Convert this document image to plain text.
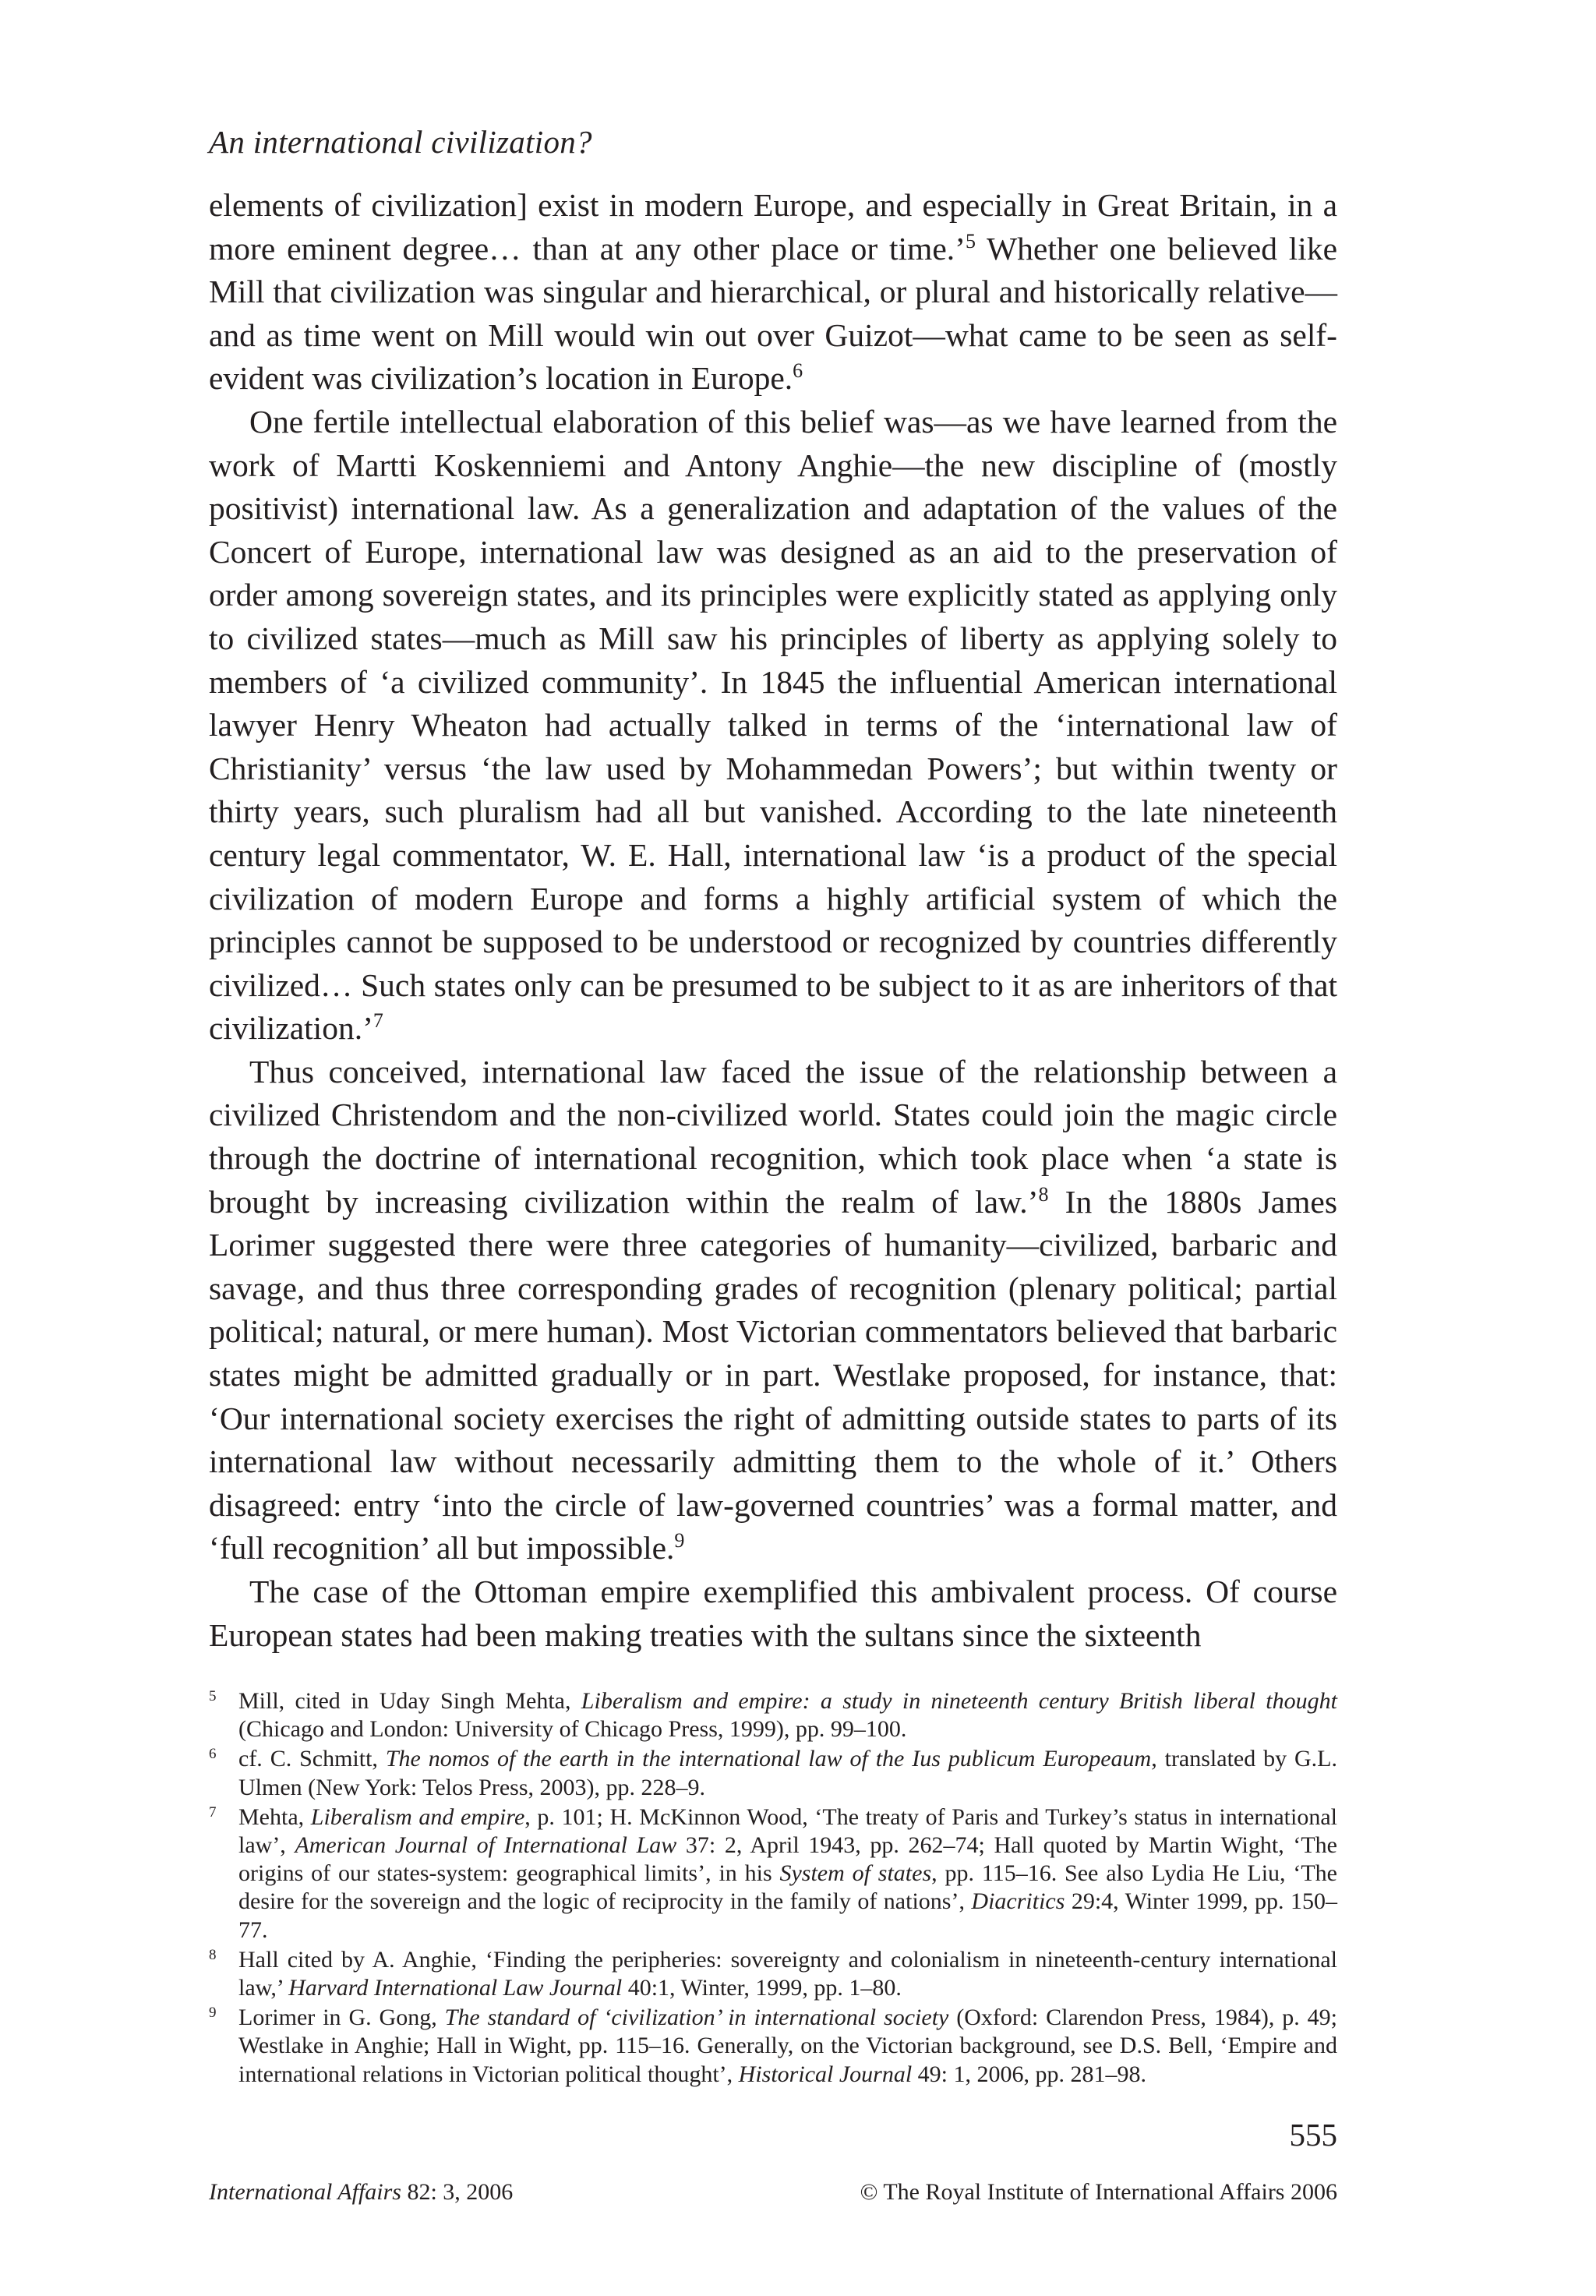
An international civilization?

elements of civilization] exist in modern Europe, and especially in Great Britain, in a more eminent degree… than at any other place or time.’$^5$ Whether one believed like Mill that civilization was singular and hierarchical, or plural and historically relative—and as time went on Mill would win out over Guizot—what came to be seen as self-evident was civilization’s location in Europe.$^6$

One fertile intellectual elaboration of this belief was—as we have learned from the work of Martti Koskenniemi and Antony Anghie—the new discipline of (mostly positivist) international law. As a generalization and adaptation of the values of the Concert of Europe, international law was designed as an aid to the preservation of order among sovereign states, and its principles were explicitly stated as applying only to civilized states—much as Mill saw his principles of liberty as applying solely to members of ‘a civilized community’. In 1845 the influential American international lawyer Henry Wheaton had actually talked in terms of the ‘international law of Christianity’ versus ‘the law used by Mohammedan Powers’; but within twenty or thirty years, such pluralism had all but vanished. According to the late nineteenth century legal commentator, W. E. Hall, international law ‘is a product of the special civilization of modern Europe and forms a highly artificial system of which the principles cannot be supposed to be understood or recognized by countries differently civilized… Such states only can be presumed to be subject to it as are inheritors of that civilization.’$^7$

Thus conceived, international law faced the issue of the relationship between a civilized Christendom and the non-civilized world. States could join the magic circle through the doctrine of international recognition, which took place when ‘a state is brought by increasing civilization within the realm of law.’$^8$ In the 1880s James Lorimer suggested there were three categories of humanity—civilized, barbaric and savage, and thus three corresponding grades of recognition (plenary political; partial political; natural, or mere human). Most Victorian commentators believed that barbaric states might be admitted gradually or in part. Westlake proposed, for instance, that: ‘Our international society exercises the right of admitting outside states to parts of its international law without necessarily admitting them to the whole of it.’ Others disagreed: entry ‘into the circle of law-governed countries’ was a formal matter, and ‘full recognition’ all but impossible.$^9$

The case of the Ottoman empire exemplified this ambivalent process. Of course European states had been making treaties with the sultans since the sixteenth

5 Mill, cited in Uday Singh Mehta, Liberalism and empire: a study in nineteenth century British liberal thought (Chicago and London: University of Chicago Press, 1999), pp. 99–100.
6 cf. C. Schmitt, The nomos of the earth in the international law of the Ius publicum Europeaum, translated by G.L. Ulmen (New York: Telos Press, 2003), pp. 228–9.
7 Mehta, Liberalism and empire, p. 101; H. McKinnon Wood, ‘The treaty of Paris and Turkey’s status in international law’, American Journal of International Law 37: 2, April 1943, pp. 262–74; Hall quoted by Martin Wight, ‘The origins of our states-system: geographical limits’, in his System of states, pp. 115–16. See also Lydia He Liu, ‘The desire for the sovereign and the logic of reciprocity in the family of nations’, Diacritics 29:4, Winter 1999, pp. 150–77.
8 Hall cited by A. Anghie, ‘Finding the peripheries: sovereignty and colonialism in nineteenth-century international law,’ Harvard International Law Journal 40:1, Winter, 1999, pp. 1–80.
9 Lorimer in G. Gong, The standard of ‘civilization’ in international society (Oxford: Clarendon Press, 1984), p. 49; Westlake in Anghie; Hall in Wight, pp. 115–16. Generally, on the Victorian background, see D.S. Bell, ‘Empire and international relations in Victorian political thought’, Historical Journal 49: 1, 2006, pp. 281–98.
555
International Affairs 82: 3, 2006	© The Royal Institute of International Affairs 2006
